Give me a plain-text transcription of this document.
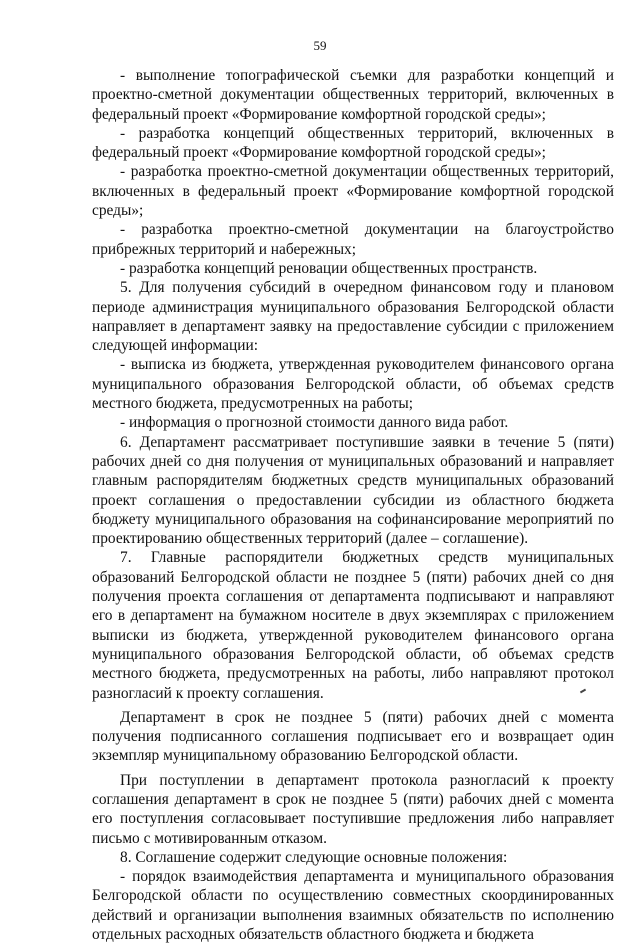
59

- выполнение топографической съемки для разработки концепций и проектно-сметной документации общественных территорий, включенных в федеральный проект «Формирование комфортной городской среды»;

- разработка концепций общественных территорий, включенных в федеральный проект «Формирование комфортной городской среды»;

- разработка проектно-сметной документации общественных территорий, включенных в федеральный проект «Формирование комфортной городской среды»;

- разработка проектно-сметной документации на благоустройство прибрежных территорий и набережных;

- разработка концепций реновации общественных пространств.

5. Для получения субсидий в очередном финансовом году и плановом периоде администрация муниципального образования Белгородской области направляет в департамент заявку на предоставление субсидии с приложением следующей информации:

- выписка из бюджета, утвержденная руководителем финансового органа муниципального образования Белгородской области, об объемах средств местного бюджета, предусмотренных на работы;

- информация о прогнозной стоимости данного вида работ.

6. Департамент рассматривает поступившие заявки в течение 5 (пяти) рабочих дней со дня получения от муниципальных образований и направляет главным распорядителям бюджетных средств муниципальных образований проект соглашения о предоставлении субсидии из областного бюджета бюджету муниципального образования на софинансирование мероприятий по проектированию общественных территорий (далее – соглашение).

7. Главные распорядители бюджетных средств муниципальных образований Белгородской области не позднее 5 (пяти) рабочих дней со дня получения проекта соглашения от департамента подписывают и направляют его в департамент на бумажном носителе в двух экземплярах с приложением выписки из бюджета, утвержденной руководителем финансового органа муниципального образования Белгородской области, об объемах средств местного бюджета, предусмотренных на работы, либо направляют протокол разногласий к проекту соглашения.

Департамент в срок не позднее 5 (пяти) рабочих дней с момента получения подписанного соглашения подписывает его и возвращает один экземпляр муниципальному образованию Белгородской области.

При поступлении в департамент протокола разногласий к проекту соглашения департамент в срок не позднее 5 (пяти) рабочих дней с момента его поступления согласовывает поступившие предложения либо направляет письмо с мотивированным отказом.

8. Соглашение содержит следующие основные положения:

- порядок взаимодействия департамента и муниципального образования Белгородской области по осуществлению совместных скоординированных действий и организации выполнения взаимных обязательств по исполнению отдельных расходных обязательств областного бюджета и бюджета
